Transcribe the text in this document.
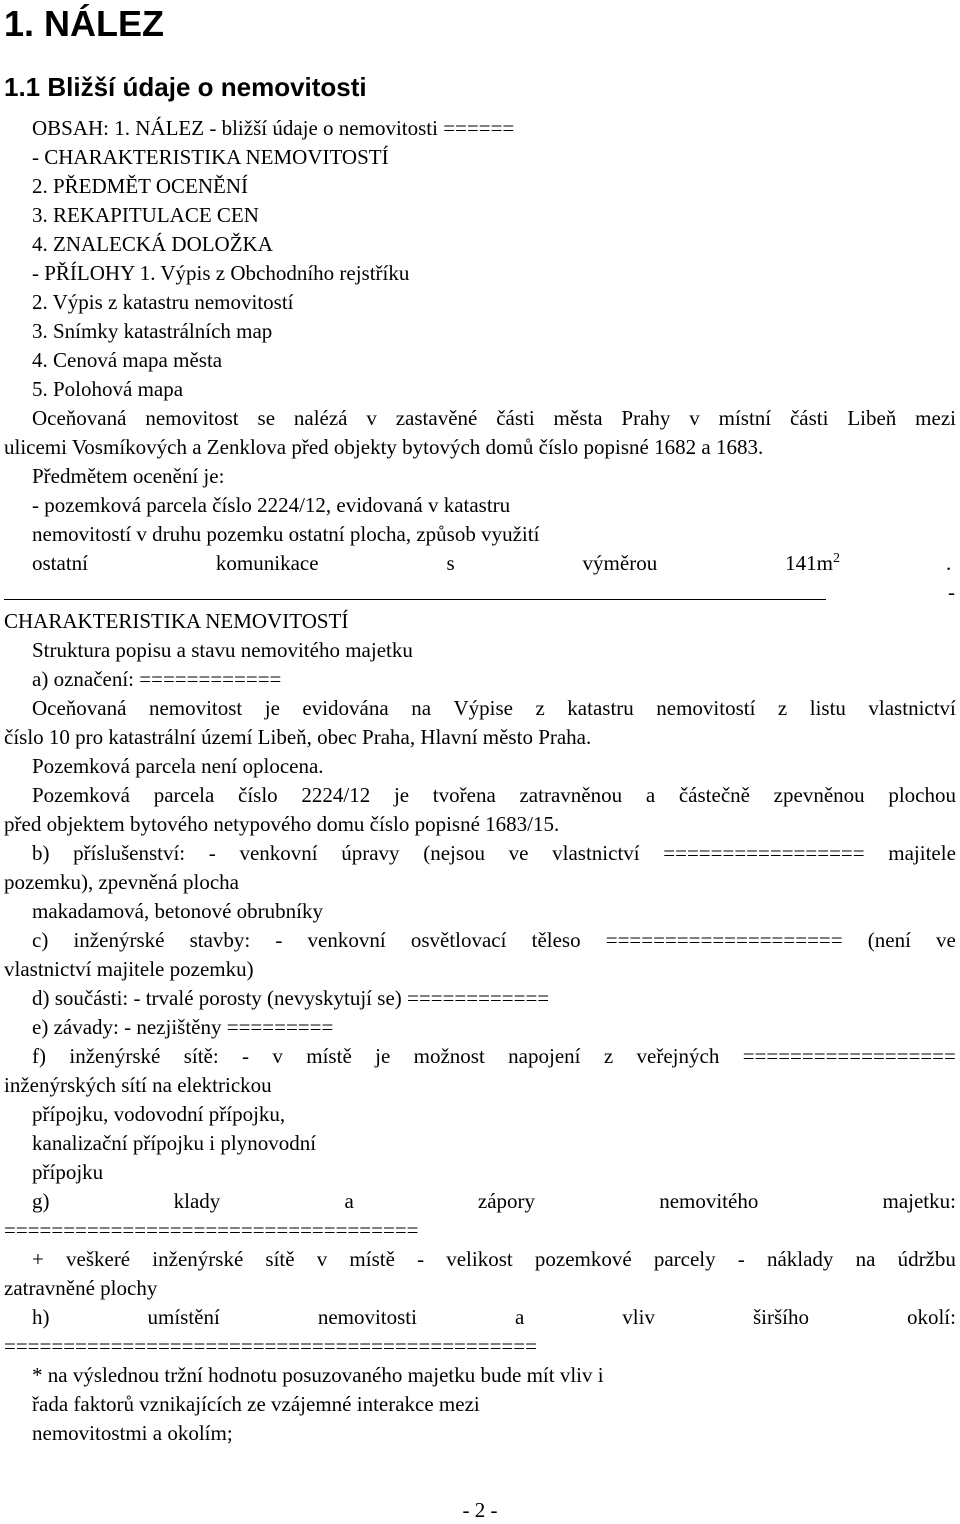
1. NÁLEZ
1.1 Bližší údaje o nemovitosti
OBSAH: 1. NÁLEZ - bližší údaje o nemovitosti ======
- CHARAKTERISTIKA NEMOVITOSTÍ
2. PŘEDMĚT OCENĚNÍ
3. REKAPITULACE CEN
4. ZNALECKÁ DOLOŽKA
- PŘÍLOHY 1. Výpis z Obchodního rejstříku
2. Výpis z katastru nemovitostí
3. Snímky katastrálních map
4. Cenová mapa města
5. Polohová mapa
Oceňovaná nemovitost se nalézá v zastavěné části města Prahy v místní části Libeň mezi
ulicemi Vosmíkových a Zenklova před objekty bytových domů číslo popisné 1682 a 1683.
Předmětem ocenění je:
- pozemková parcela číslo 2224/12, evidovaná v katastru
nemovitostí v druhu pozemku ostatní plocha, způsob využití
ostatní	komunikace	s	výměrou	$141m^2$	.
-
CHARAKTERISTIKA NEMOVITOSTÍ
Struktura popisu a stavu nemovitého majetku
a) označení: ============
Oceňovaná nemovitost je evidována na Výpise z katastru nemovitostí z listu vlastnictví
číslo 10 pro katastrální území Libeň, obec Praha, Hlavní město Praha.
Pozemková parcela není oplocena.
Pozemková parcela číslo 2224/12 je tvořena zatravněnou a částečně zpevněnou plochou
před objektem bytového netypového domu číslo popisné 1683/15.
b) příslušenství: - venkovní úpravy (nejsou ve vlastnictví ================= majitele
pozemku), zpevněná plocha
makadamová, betonové obrubníky
c) inženýrské stavby: - venkovní osvětlovací těleso ==================== (není ve
vlastnictví majitele pozemku)
d) součásti: - trvalé porosty (nevyskytují se) ============
e) závady: - nezjištěny =========
f) inženýrské sítě: - v místě je možnost napojení z veřejných ==================
inženýrských sítí na elektrickou
přípojku, vodovodní přípojku,
kanalizační přípojku i plynovodní
přípojku
g)	klady	a	zápory	nemovitého	majetku:
===================================
+ veškeré inženýrské sítě v místě - velikost pozemkové parcely - náklady na údržbu
zatravněné plochy
h)	umístění	nemovitosti	a	vliv	širšího	okolí:
=============================================
* na výslednou tržní hodnotu posuzovaného majetku bude mít vliv i
řada faktorů vznikajících ze vzájemné interakce mezi
nemovitostmi a okolím;
- 2 -
